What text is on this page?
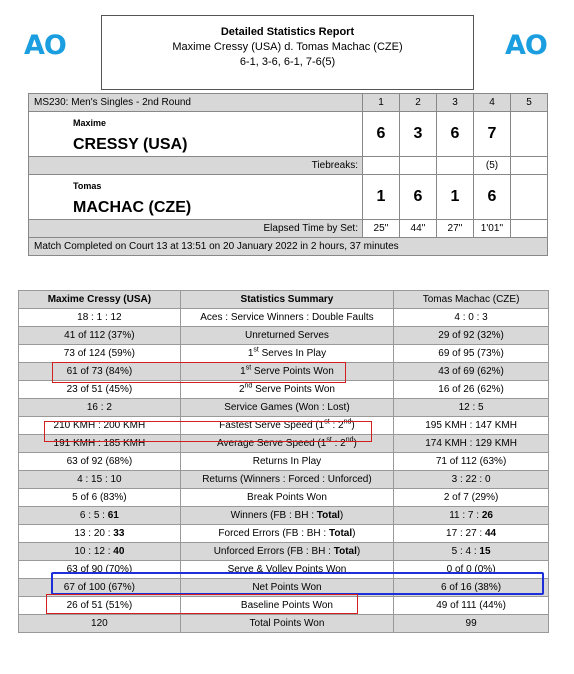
AO	AO
Detailed Statistics Report
Maxime Cressy (USA) d. Tomas Machac (CZE)
6-1, 3-6, 6-1, 7-6(5)
MS230: Men's Singles - 2nd Round	1	2	3	4	5

Maxime
CRESSY (USA)	6	3	6	7	
Tiebreaks:				(5)	

Tomas
MACHAC (CZE)	1	6	1	6	
Elapsed Time by Set:	25''	44''	27''	1'01''	
Match Completed on Court 13 at 13:51 on 20 January 2022 in 2 hours, 37 minutes					
Maxime Cressy (USA)	Statistics Summary	Tomas Machac (CZE)
18 : 1 : 12	Aces : Service Winners : Double Faults	4 : 0 : 3
41 of 112 (37%)	Unreturned Serves	29 of 92 (32%)
73 of 124 (59%)	1st Serves In Play	69 of 95 (73%)
61 of 73 (84%)	1st Serve Points Won	43 of 69 (62%)
23 of 51 (45%)	2nd Serve Points Won	16 of 26 (62%)
16 : 2	Service Games (Won : Lost)	12 : 5
210 KMH : 200 KMH	Fastest Serve Speed (1st : 2nd)	195 KMH : 147 KMH
191 KMH : 185 KMH	Average Serve Speed (1st : 2nd)	174 KMH : 129 KMH
63 of 92 (68%)	Returns In Play	71 of 112 (63%)
4 : 15 : 10	Returns (Winners : Forced : Unforced)	3 : 22 : 0
5 of 6 (83%)	Break Points Won	2 of 7 (29%)
6 : 5 : 61	Winners (FB : BH : Total)	11 : 7 : 26
13 : 20 : 33	Forced Errors (FB : BH : Total)	17 : 27 : 44
10 : 12 : 40	Unforced Errors (FB : BH : Total)	5 : 4 : 15
63 of 90 (70%)	Serve & Volley Points Won	0 of 0 (0%)
67 of 100 (67%)	Net Points Won	6 of 16 (38%)
26 of 51 (51%)	Baseline Points Won	49 of 111 (44%)
120	Total Points Won	99
